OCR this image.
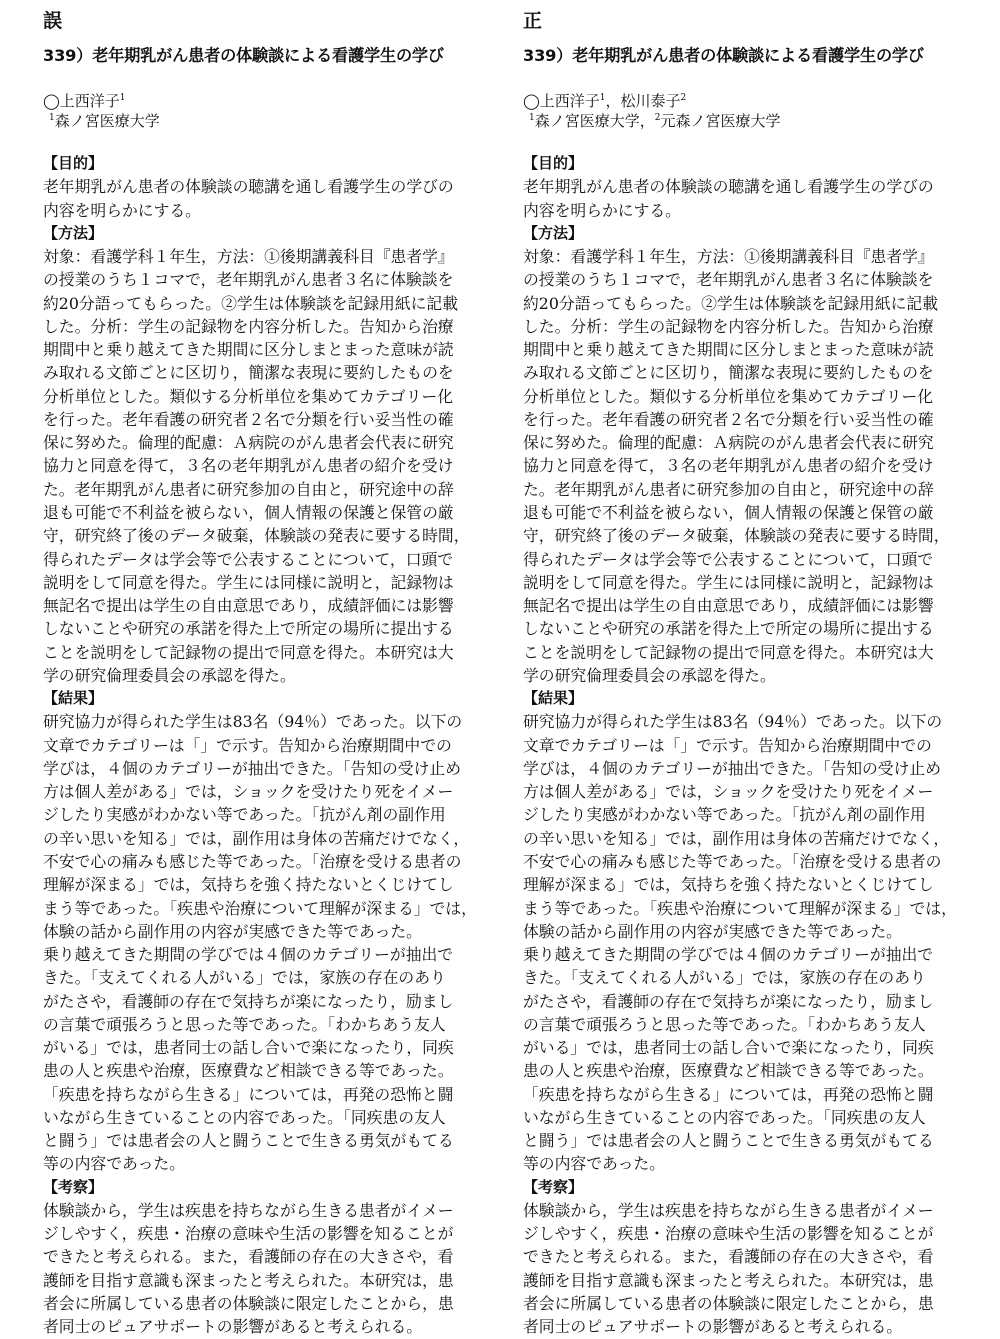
誤
339）老年期乳がん患者の体験談による看護学生の学び
◯上西洋子$^1$
$^1$森ノ宮医療大学
【目的】
老年期乳がん患者の体験談の聴講を通し看護学生の学びの
内容を明らかにする。
【方法】
対象：看護学科１年生，方法：①後期講義科目『患者学』
の授業のうち１コマで，老年期乳がん患者３名に体験談を
約20分語ってもらった。②学生は体験談を記録用紙に記載
した。分析：学生の記録物を内容分析した。告知から治療
期間中と乗り越えてきた期間に区分しまとまった意味が読
み取れる文節ごとに区切り，簡潔な表現に要約したものを
分析単位とした。類似する分析単位を集めてカテゴリー化
を行った。老年看護の研究者２名で分類を行い妥当性の確
保に努めた。倫理的配慮：Ａ病院のがん患者会代表に研究
協力と同意を得て，３名の老年期乳がん患者の紹介を受け
た。老年期乳がん患者に研究参加の自由と，研究途中の辞
退も可能で不利益を被らない，個人情報の保護と保管の厳
守，研究終了後のデータ破棄，体験談の発表に要する時間，
得られたデータは学会等で公表することについて，口頭で
説明をして同意を得た。学生には同様に説明と，記録物は
無記名で提出は学生の自由意思であり，成績評価には影響
しないことや研究の承諾を得た上で所定の場所に提出する
ことを説明をして記録物の提出で同意を得た。本研究は大
学の研究倫理委員会の承認を得た。
【結果】
研究協力が得られた学生は83名（94％）であった。以下の
文章でカテゴリーは「」で示す。告知から治療期間中での
学びは，４個のカテゴリーが抽出できた。「告知の受け止め
方は個人差がある」では，ショックを受けたり死をイメー
ジしたり実感がわかない等であった。「抗がん剤の副作用
の辛い思いを知る」では，副作用は身体の苦痛だけでなく，
不安で心の痛みも感じた等であった。「治療を受ける患者の
理解が深まる」では，気持ちを強く持たないとくじけてし
まう等であった。「疾患や治療について理解が深まる」では，
体験の話から副作用の内容が実感できた等であった。
乗り越えてきた期間の学びでは４個のカテゴリーが抽出で
きた。「支えてくれる人がいる」では，家族の存在のあり
がたさや，看護師の存在で気持ちが楽になったり，励まし
の言葉で頑張ろうと思った等であった。「わかちあう友人
がいる」では，患者同士の話し合いで楽になったり，同疾
患の人と疾患や治療，医療費など相談できる等であった。
「疾患を持ちながら生きる」については，再発の恐怖と闘
いながら生きていることの内容であった。「同疾患の友人
と闘う」では患者会の人と闘うことで生きる勇気がもてる
等の内容であった。
【考察】
体験談から，学生は疾患を持ちながら生きる患者がイメー
ジしやすく，疾患・治療の意味や生活の影響を知ることが
できたと考えられる。また，看護師の存在の大きさや，看
護師を目指す意識も深まったと考えられた。本研究は，患
者会に所属している患者の体験談に限定したことから，患
者同士のピュアサポートの影響があると考えられる。
正
339）老年期乳がん患者の体験談による看護学生の学び
◯上西洋子$^1$，松川泰子$^2$
$^1$森ノ宮医療大学，$^2$元森ノ宮医療大学
【目的】
老年期乳がん患者の体験談の聴講を通し看護学生の学びの
内容を明らかにする。
【方法】
対象：看護学科１年生，方法：①後期講義科目『患者学』
の授業のうち１コマで，老年期乳がん患者３名に体験談を
約20分語ってもらった。②学生は体験談を記録用紙に記載
した。分析：学生の記録物を内容分析した。告知から治療
期間中と乗り越えてきた期間に区分しまとまった意味が読
み取れる文節ごとに区切り，簡潔な表現に要約したものを
分析単位とした。類似する分析単位を集めてカテゴリー化
を行った。老年看護の研究者２名で分類を行い妥当性の確
保に努めた。倫理的配慮：Ａ病院のがん患者会代表に研究
協力と同意を得て，３名の老年期乳がん患者の紹介を受け
た。老年期乳がん患者に研究参加の自由と，研究途中の辞
退も可能で不利益を被らない，個人情報の保護と保管の厳
守，研究終了後のデータ破棄，体験談の発表に要する時間，
得られたデータは学会等で公表することについて，口頭で
説明をして同意を得た。学生には同様に説明と，記録物は
無記名で提出は学生の自由意思であり，成績評価には影響
しないことや研究の承諾を得た上で所定の場所に提出する
ことを説明をして記録物の提出で同意を得た。本研究は大
学の研究倫理委員会の承認を得た。
【結果】
研究協力が得られた学生は83名（94％）であった。以下の
文章でカテゴリーは「」で示す。告知から治療期間中での
学びは，４個のカテゴリーが抽出できた。「告知の受け止め
方は個人差がある」では，ショックを受けたり死をイメー
ジしたり実感がわかない等であった。「抗がん剤の副作用
の辛い思いを知る」では，副作用は身体の苦痛だけでなく，
不安で心の痛みも感じた等であった。「治療を受ける患者の
理解が深まる」では，気持ちを強く持たないとくじけてし
まう等であった。「疾患や治療について理解が深まる」では，
体験の話から副作用の内容が実感できた等であった。
乗り越えてきた期間の学びでは４個のカテゴリーが抽出で
きた。「支えてくれる人がいる」では，家族の存在のあり
がたさや，看護師の存在で気持ちが楽になったり，励まし
の言葉で頑張ろうと思った等であった。「わかちあう友人
がいる」では，患者同士の話し合いで楽になったり，同疾
患の人と疾患や治療，医療費など相談できる等であった。
「疾患を持ちながら生きる」については，再発の恐怖と闘
いながら生きていることの内容であった。「同疾患の友人
と闘う」では患者会の人と闘うことで生きる勇気がもてる
等の内容であった。
【考察】
体験談から，学生は疾患を持ちながら生きる患者がイメー
ジしやすく，疾患・治療の意味や生活の影響を知ることが
できたと考えられる。また，看護師の存在の大きさや，看
護師を目指す意識も深まったと考えられた。本研究は，患
者会に所属している患者の体験談に限定したことから，患
者同士のピュアサポートの影響があると考えられる。
